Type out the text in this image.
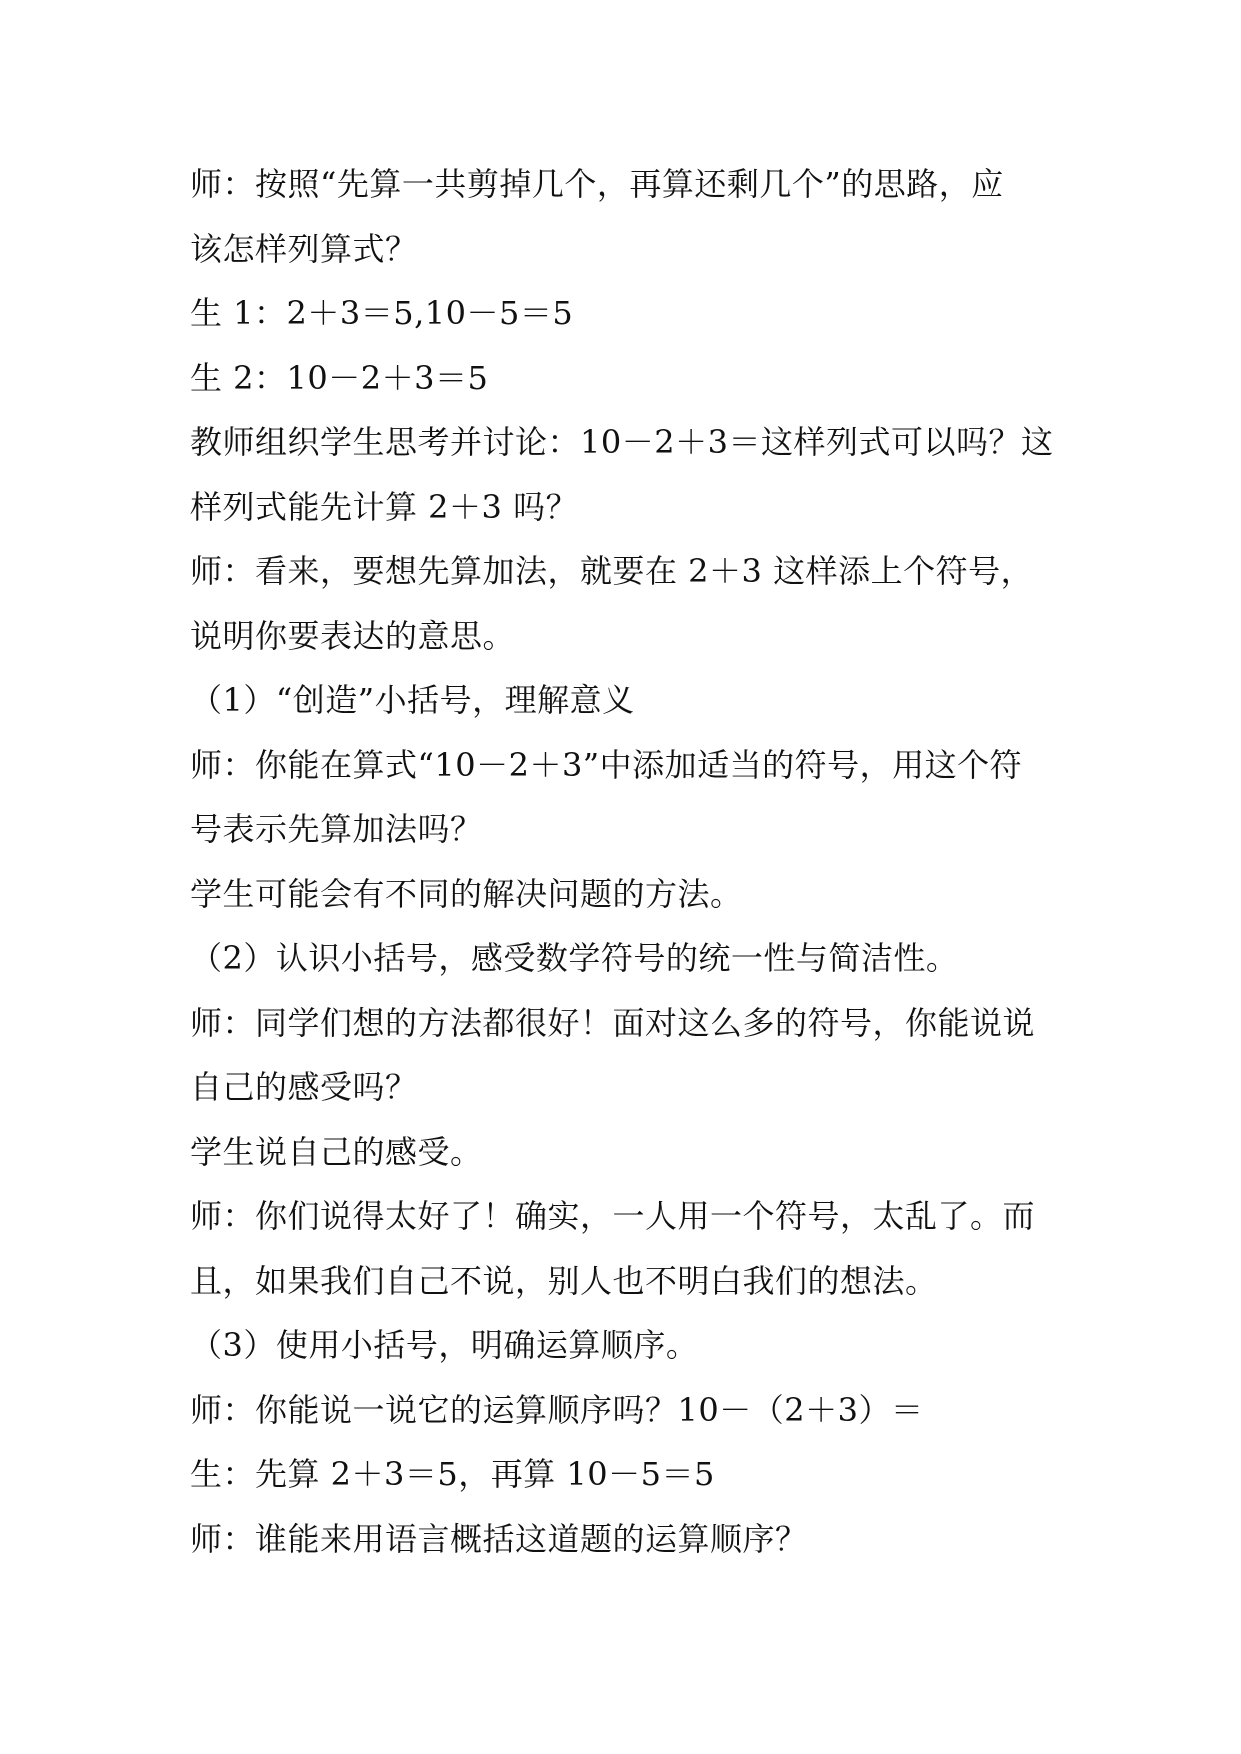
师：按照“先算一共剪掉几个，再算还剩几个”的思路，应
该怎样列算式？
生 1：2＋3＝5,10－5＝5
生 2：10－2＋3＝5
教师组织学生思考并讨论：10－2＋3＝这样列式可以吗？这
样列式能先计算 2＋3 吗？
师：看来，要想先算加法，就要在 2＋3 这样添上个符号，
说明你要表达的意思。
（1）“创造”小括号，理解意义
师：你能在算式“10－2＋3”中添加适当的符号，用这个符
号表示先算加法吗？
学生可能会有不同的解决问题的方法。
（2）认识小括号，感受数学符号的统一性与简洁性。
师：同学们想的方法都很好！面对这么多的符号，你能说说
自己的感受吗？
学生说自己的感受。
师：你们说得太好了！确实，一人用一个符号，太乱了。而
且，如果我们自己不说，别人也不明白我们的想法。
（3）使用小括号，明确运算顺序。
师：你能说一说它的运算顺序吗？10－（2＋3）＝
生：先算 2＋3＝5，再算 10－5＝5
师：谁能来用语言概括这道题的运算顺序？
